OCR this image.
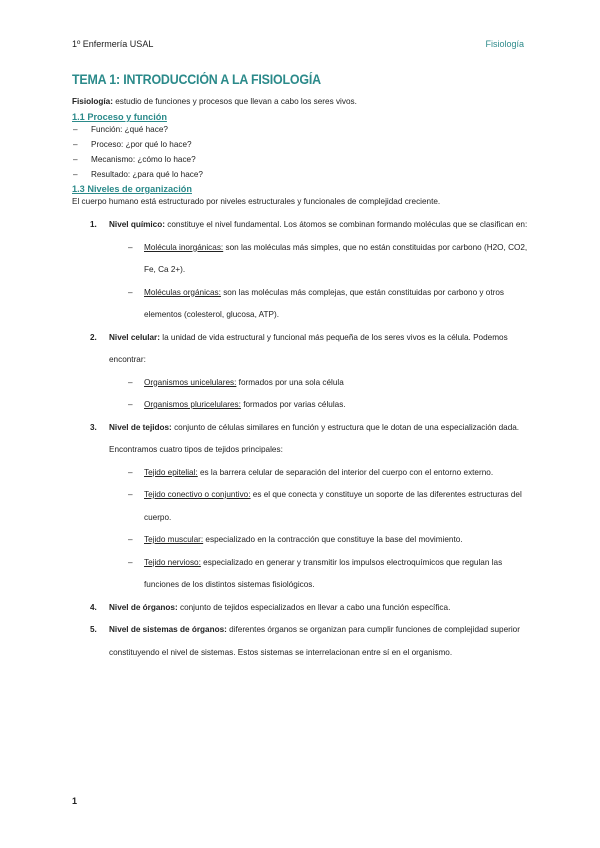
1º Enfermería USAL	Fisiología
TEMA 1: INTRODUCCIÓN A LA FISIOLOGÍA

Fisiología: estudio de funciones y procesos que llevan a cabo los seres vivos.

1.1 Proceso y función
– Función: ¿qué hace?
– Proceso: ¿por qué lo hace?
– Mecanismo: ¿cómo lo hace?
– Resultado: ¿para qué lo hace?
1.3 Niveles de organización

El cuerpo humano está estructurado por niveles estructurales y funcionales de complejidad creciente.

1. Nivel químico: constituye el nivel fundamental. Los átomos se combinan formando moléculas que se clasifican en:
– Molécula inorgánicas: son las moléculas más simples, que no están constituidas por carbono (H2O, CO2, Fe, Ca 2+).
– Moléculas orgánicas: son las moléculas más complejas, que están constituidas por carbono y otros elementos (colesterol, glucosa, ATP).
2. Nivel celular: la unidad de vida estructural y funcional más pequeña de los seres vivos es la célula. Podemos encontrar:
– Organismos unicelulares: formados por una sola célula
– Organismos pluricelulares: formados por varias células.
3. Nivel de tejidos: conjunto de células similares en función y estructura que le dotan de una especialización dada. Encontramos cuatro tipos de tejidos principales:
– Tejido epitelial: es la barrera celular de separación del interior del cuerpo con el entorno externo.
– Tejido conectivo o conjuntivo: es el que conecta y constituye un soporte de las diferentes estructuras del cuerpo.
– Tejido muscular: especializado en la contracción que constituye la base del movimiento.
– Tejido nervioso: especializado en generar y transmitir los impulsos electroquímicos que regulan las funciones de los distintos sistemas fisiológicos.
4. Nivel de órganos: conjunto de tejidos especializados en llevar a cabo una función específica.
5. Nivel de sistemas de órganos: diferentes órganos se organizan para cumplir funciones de complejidad superior constituyendo el nivel de sistemas. Estos sistemas se interrelacionan entre sí en el organismo.
1
